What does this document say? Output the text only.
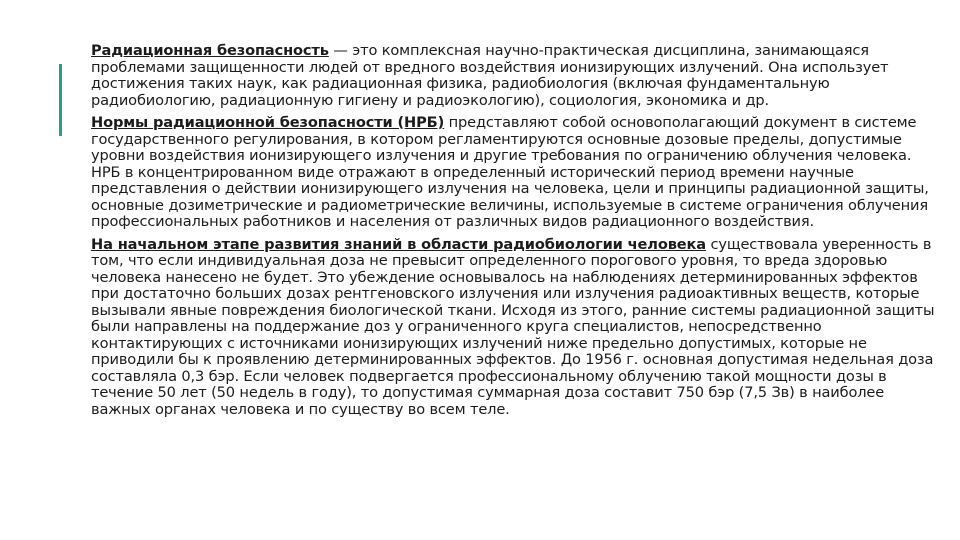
Радиационная безопасность — это комплексная научно-практическая дисциплина, занимающаяся проблемами защищенности людей от вредного воздействия ионизирующих излучений. Она использует достижения таких наук, как радиационная физика, радиобиология (включая фундаментальную радиобиологию, радиационную гигиену и радиоэкологию), социология, экономика и др.

Нормы радиационной безопасности (НРБ) представляют собой основополагающий документ в системе государственного регулирования, в котором регламентируются основные дозовые пределы, допустимые уровни воздействия ионизирующего излучения и другие требования по ограничению облучения человека. НРБ в концентрированном виде отражают в определенный исторический период времени научные представления о действии ионизирующего излучения на человека, цели и принципы радиационной защиты, основные дозиметрические и радиометрические величины, используемые в системе ограничения облучения профессиональных работников и населения от различных видов радиационного воздействия.

На начальном этапе развития знаний в области радиобиологии человека существовала уверенность в том, что если индивидуальная доза не превысит определенного порогового уровня, то вреда здоровью человека нанесено не будет. Это убеждение основывалось на наблюдениях детерминированных эффектов при достаточно больших дозах рентгеновского излучения или излучения радиоактивных веществ, которые вызывали явные повреждения биологической ткани. Исходя из этого, ранние системы радиационной защиты были направлены на поддержание доз у ограниченного круга специалистов, непосредственно контактирующих с источниками ионизирующих излучений ниже предельно допустимых, которые не приводили бы к проявлению детерминированных эффектов. До 1956 г. основная допустимая недельная доза составляла 0,3 бэр. Если человек подвергается профессиональному облучению такой мощности дозы в течение 50 лет (50 недель в году), то допустимая суммарная доза составит 750 бэр (7,5 Зв) в наиболее важных органах человека и по существу во всем теле.
